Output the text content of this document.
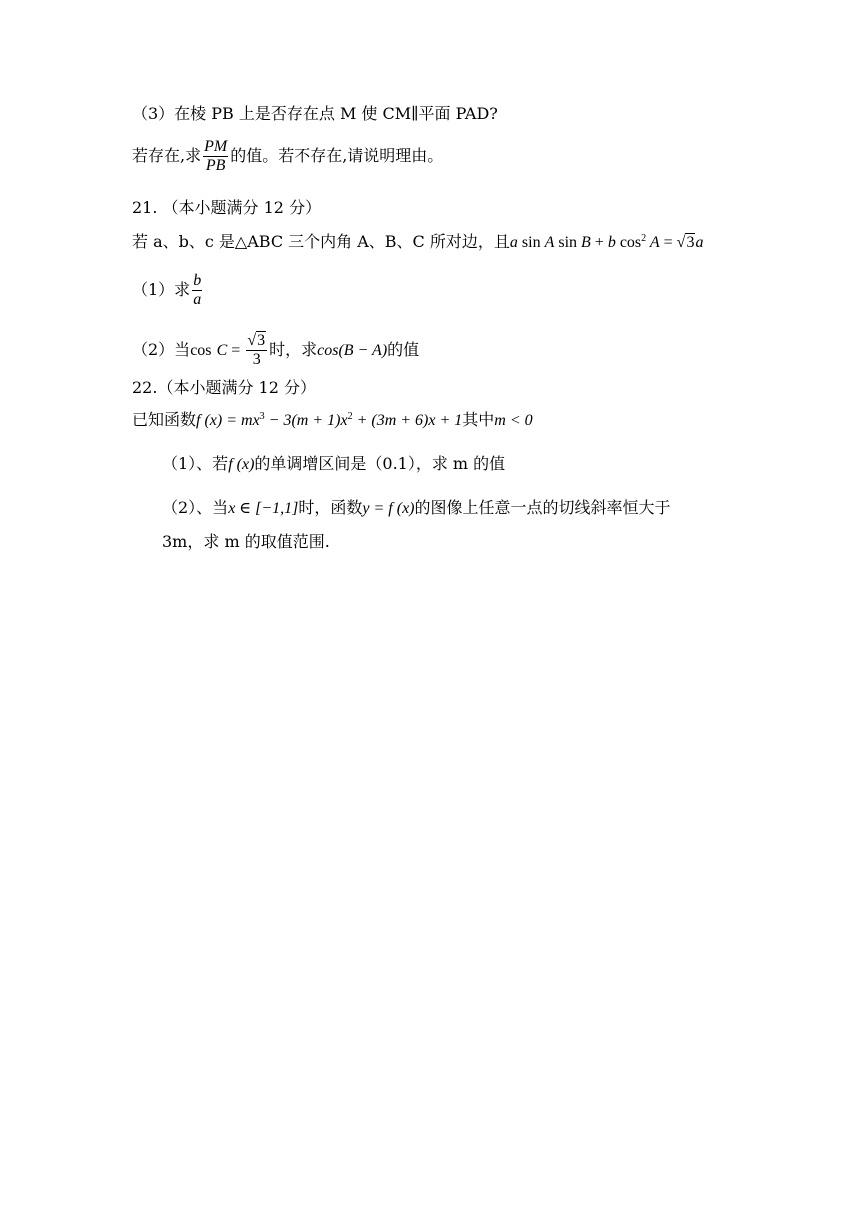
（3）在棱 PB 上是否存在点 M 使 CM∥平面 PAD?
若存在,求 $\frac{PM}{PB}$ 的值。若不存在,请说明理由。
21. （本小题满分 12 分）
若 a、b、c 是△ABC 三个内角 A、B、C 所对边，且a sin A sin B + b $\cos^2 A = √3a$
（1）求 $\frac{b}{a}$
（2）当$\cos C = \frac{√3}{3}$ 时，求cos(B − A)的值
22.（本小题满分 12 分）
已知函数f $(x) = mx^3 - 3(m + 1)x^2 + (3m + 6)x + 1$其中m < 0
（1）、若f (x)的单调增区间是（0.1），求 m 的值
（2）、当x ∈ [−1,1]时，函数y = f (x)的图像上任意一点的切线斜率恒大于
3m，求 m 的取值范围.
